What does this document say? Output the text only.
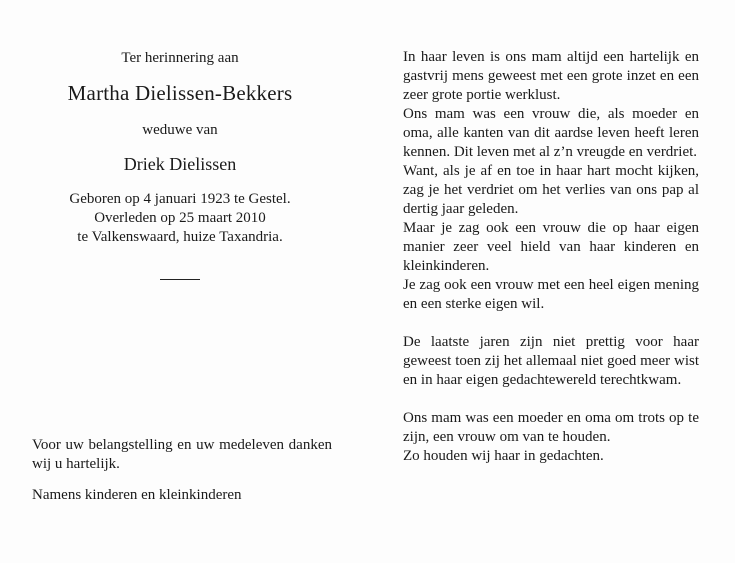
Ter herinnering aan

Martha Dielissen-Bekkers

weduwe van

Driek Dielissen

Geboren op 4 januari 1923 te Gestel.
Overleden op 25 maart 2010
te Valkenswaard, huize Taxandria.

Voor uw belangstelling en uw medeleven danken wij u hartelijk.

Namens kinderen en kleinkinderen

In haar leven is ons mam altijd een hartelijk en gastvrij mens geweest met een grote inzet en een zeer grote portie werklust.

Ons mam was een vrouw die, als moeder en oma, alle kanten van dit aardse leven heeft leren kennen. Dit leven met al z’n vreugde en verdriet.

Want, als je af en toe in haar hart mocht kijken, zag je het verdriet om het verlies van ons pap al dertig jaar geleden.

Maar je zag ook een vrouw die op haar eigen manier zeer veel hield van haar kinderen en kleinkinderen.

Je zag ook een vrouw met een heel eigen mening en een sterke eigen wil.

De laatste jaren zijn niet prettig voor haar geweest toen zij het allemaal niet goed meer wist en in haar eigen gedachtewereld terechtkwam.

Ons mam was een moeder en oma om trots op te zijn, een vrouw om van te houden.

Zo houden wij haar in gedachten.
